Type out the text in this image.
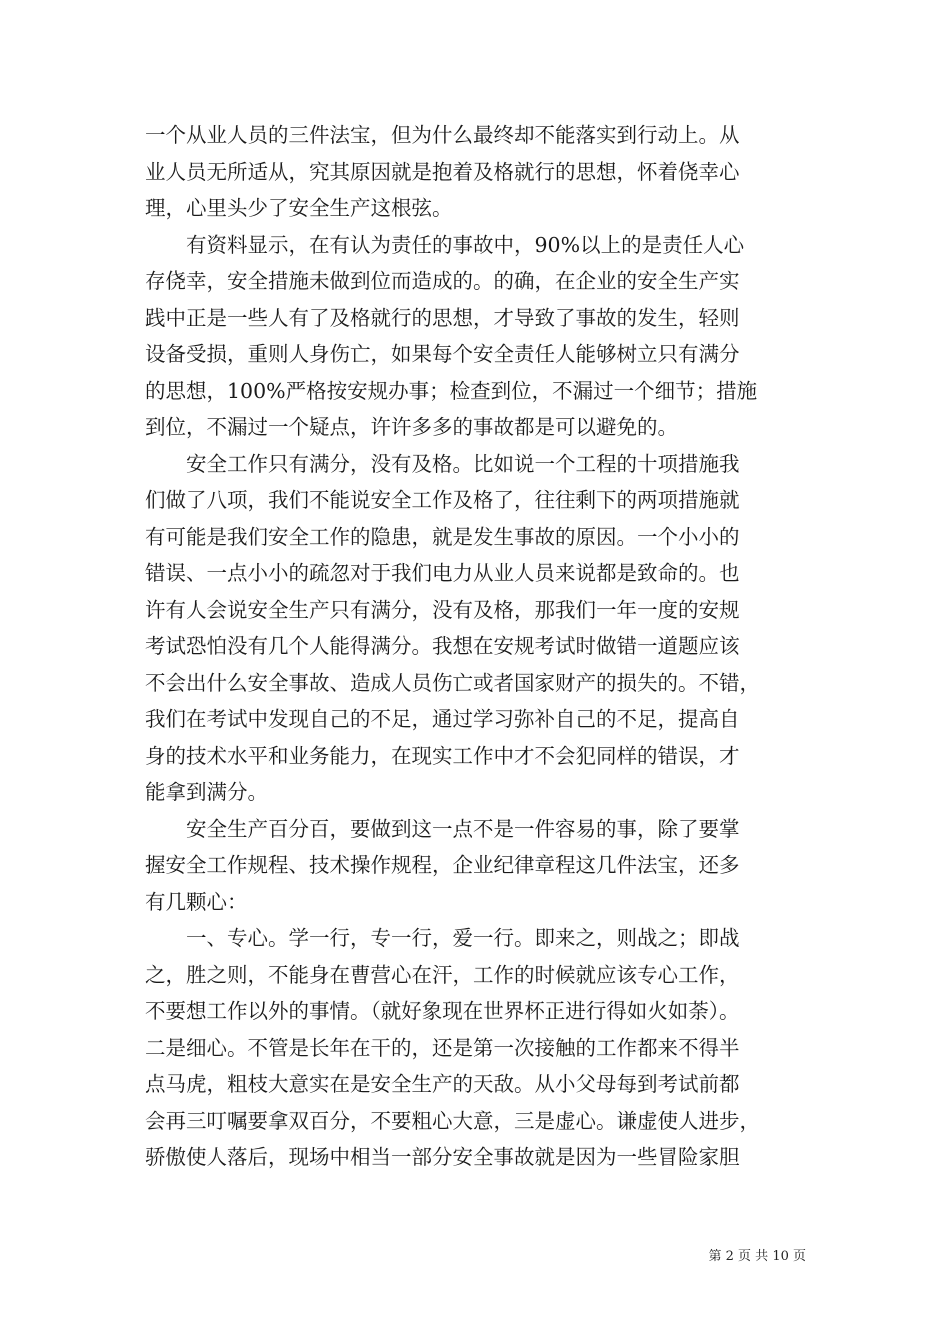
一个从业人员的三件法宝，但为什么最终却不能落实到行动上。从
业人员无所适从，究其原因就是抱着及格就行的思想，怀着侥幸心
理，心里头少了安全生产这根弦。
　　有资料显示，在有认为责任的事故中，90%以上的是责任人心
存侥幸，安全措施未做到位而造成的。的确，在企业的安全生产实
践中正是一些人有了及格就行的思想，才导致了事故的发生，轻则
设备受损，重则人身伤亡，如果每个安全责任人能够树立只有满分
的思想，100%严格按安规办事；检查到位，不漏过一个细节；措施
到位，不漏过一个疑点，许许多多的事故都是可以避免的。
　　安全工作只有满分，没有及格。比如说一个工程的十项措施我
们做了八项，我们不能说安全工作及格了，往往剩下的两项措施就
有可能是我们安全工作的隐患，就是发生事故的原因。一个小小的
错误、一点小小的疏忽对于我们电力从业人员来说都是致命的。也
许有人会说安全生产只有满分，没有及格，那我们一年一度的安规
考试恐怕没有几个人能得满分。我想在安规考试时做错一道题应该
不会出什么安全事故、造成人员伤亡或者国家财产的损失的。不错，
我们在考试中发现自己的不足，通过学习弥补自己的不足，提高自
身的技术水平和业务能力，在现实工作中才不会犯同样的错误，才
能拿到满分。
　　安全生产百分百，要做到这一点不是一件容易的事，除了要掌
握安全工作规程、技术操作规程，企业纪律章程这几件法宝，还多
有几颗心：
　　一、专心。学一行，专一行，爱一行。即来之，则战之；即战
之，胜之则，不能身在曹营心在汗，工作的时候就应该专心工作，
不要想工作以外的事情。（就好象现在世界杯正进行得如火如荼）。
二是细心。不管是长年在干的，还是第一次接触的工作都来不得半
点马虎，粗枝大意实在是安全生产的天敌。从小父母每到考试前都
会再三叮嘱要拿双百分，不要粗心大意，三是虚心。谦虚使人进步，
骄傲使人落后，现场中相当一部分安全事故就是因为一些冒险家胆
第 2 页 共 10 页
